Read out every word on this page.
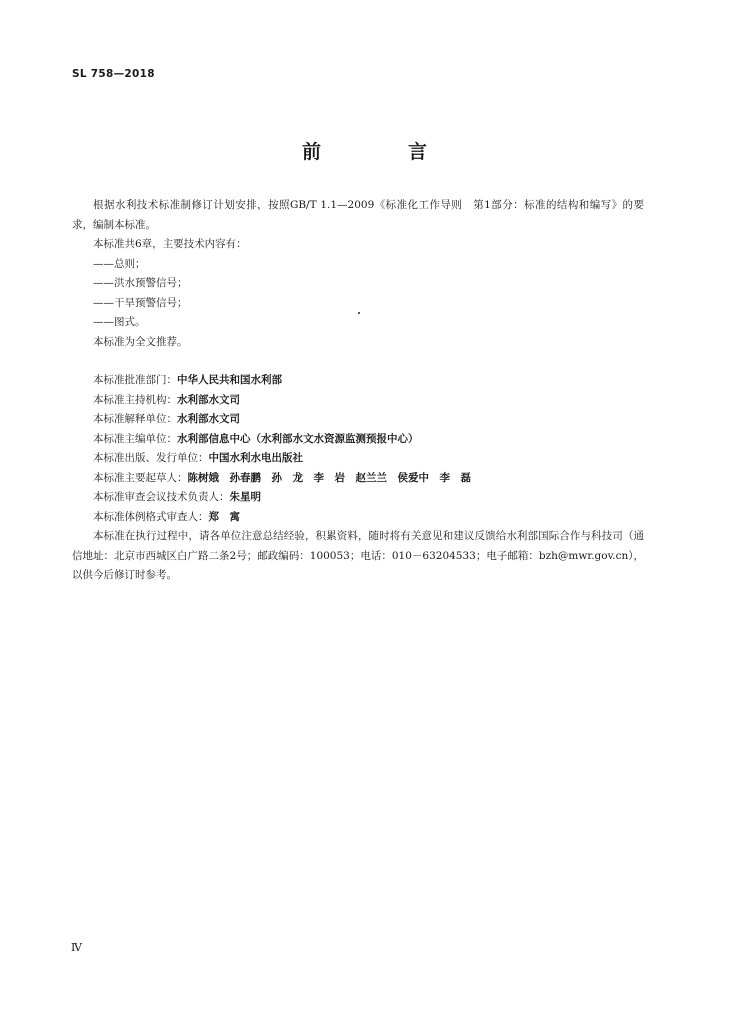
SL 758—2018
前　言

根据水利技术标准制修订计划安排，按照GB/T 1.1—2009《标准化工作导则　第1部分：标准的结构和编写》的要求，编制本标准。

本标准共6章，主要技术内容有：

——总则；

——洪水预警信号；

——干旱预警信号；

——图式。

本标准为全文推荐。

本标准批准部门：中华人民共和国水利部

本标准主持机构：水利部水文司

本标准解释单位：水利部水文司

本标准主编单位：水利部信息中心（水利部水文水资源监测预报中心）

本标准出版、发行单位：中国水利水电出版社

本标准主要起草人：陈树娥　孙春鹏　孙　龙　李　岩　赵兰兰　侯爱中　李　磊

本标准审查会议技术负责人：朱星明

本标准体例格式审查人：郑　寓

本标准在执行过程中，请各单位注意总结经验，积累资料，随时将有关意见和建议反馈给水利部国际合作与科技司（通信地址：北京市西城区白广路二条2号；邮政编码：100053；电话：010－63204533；电子邮箱：bzh@mwr.gov.cn），以供今后修订时参考。

Ⅳ
